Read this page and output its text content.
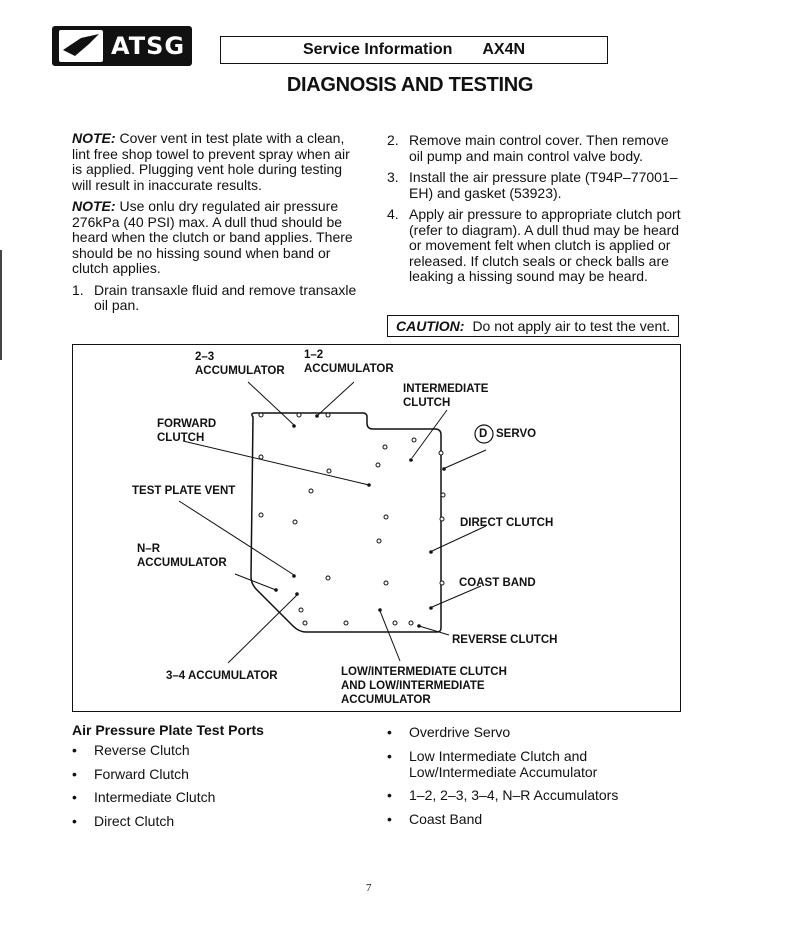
ATSG	Service Information AX4N
DIAGNOSIS AND TESTING

NOTE: Cover vent in test plate with a clean, lint free shop towel to prevent spray when air is applied. Plugging vent hole during testing will result in inaccurate results.

NOTE: Use onlu dry regulated air pressure 276kPa (40 PSI) max. A dull thud should be heard when the clutch or band applies. There should be no hissing sound when band or clutch applies.

1. Drain transaxle fluid and remove transaxle oil pan.
2. Remove main control cover. Then remove oil pump and main control valve body.
3. Install the air pressure plate (T94P–77001–EH) and gasket (53923).
4. Apply air pressure to appropriate clutch port (refer to diagram). A dull thud may be heard or movement felt when clutch is applied or released. If clutch seals or check balls are leaking a hissing sound may be heard.
CAUTION: Do not apply air to test the vent.
2–3
ACCUMULATOR
1–2
ACCUMULATOR
INTERMEDIATE
CLUTCH
D SERVO
FORWARD
CLUTCH
TEST PLATE VENT
DIRECT CLUTCH
N–R
ACCUMULATOR
COAST BAND
REVERSE CLUTCH
3–4 ACCUMULATOR	LOW/INTERMEDIATE CLUTCH
AND LOW/INTERMEDIATE
ACCUMULATOR
Air Pressure Plate Test Ports
•	Reverse Clutch
•	Forward Clutch
•	Intermediate Clutch
•	Direct Clutch
•	Overdrive Servo
•	Low Intermediate Clutch and Low/Intermediate Accumulator
•	1–2, 2–3, 3–4, N–R Accumulators
•	Coast Band
7
